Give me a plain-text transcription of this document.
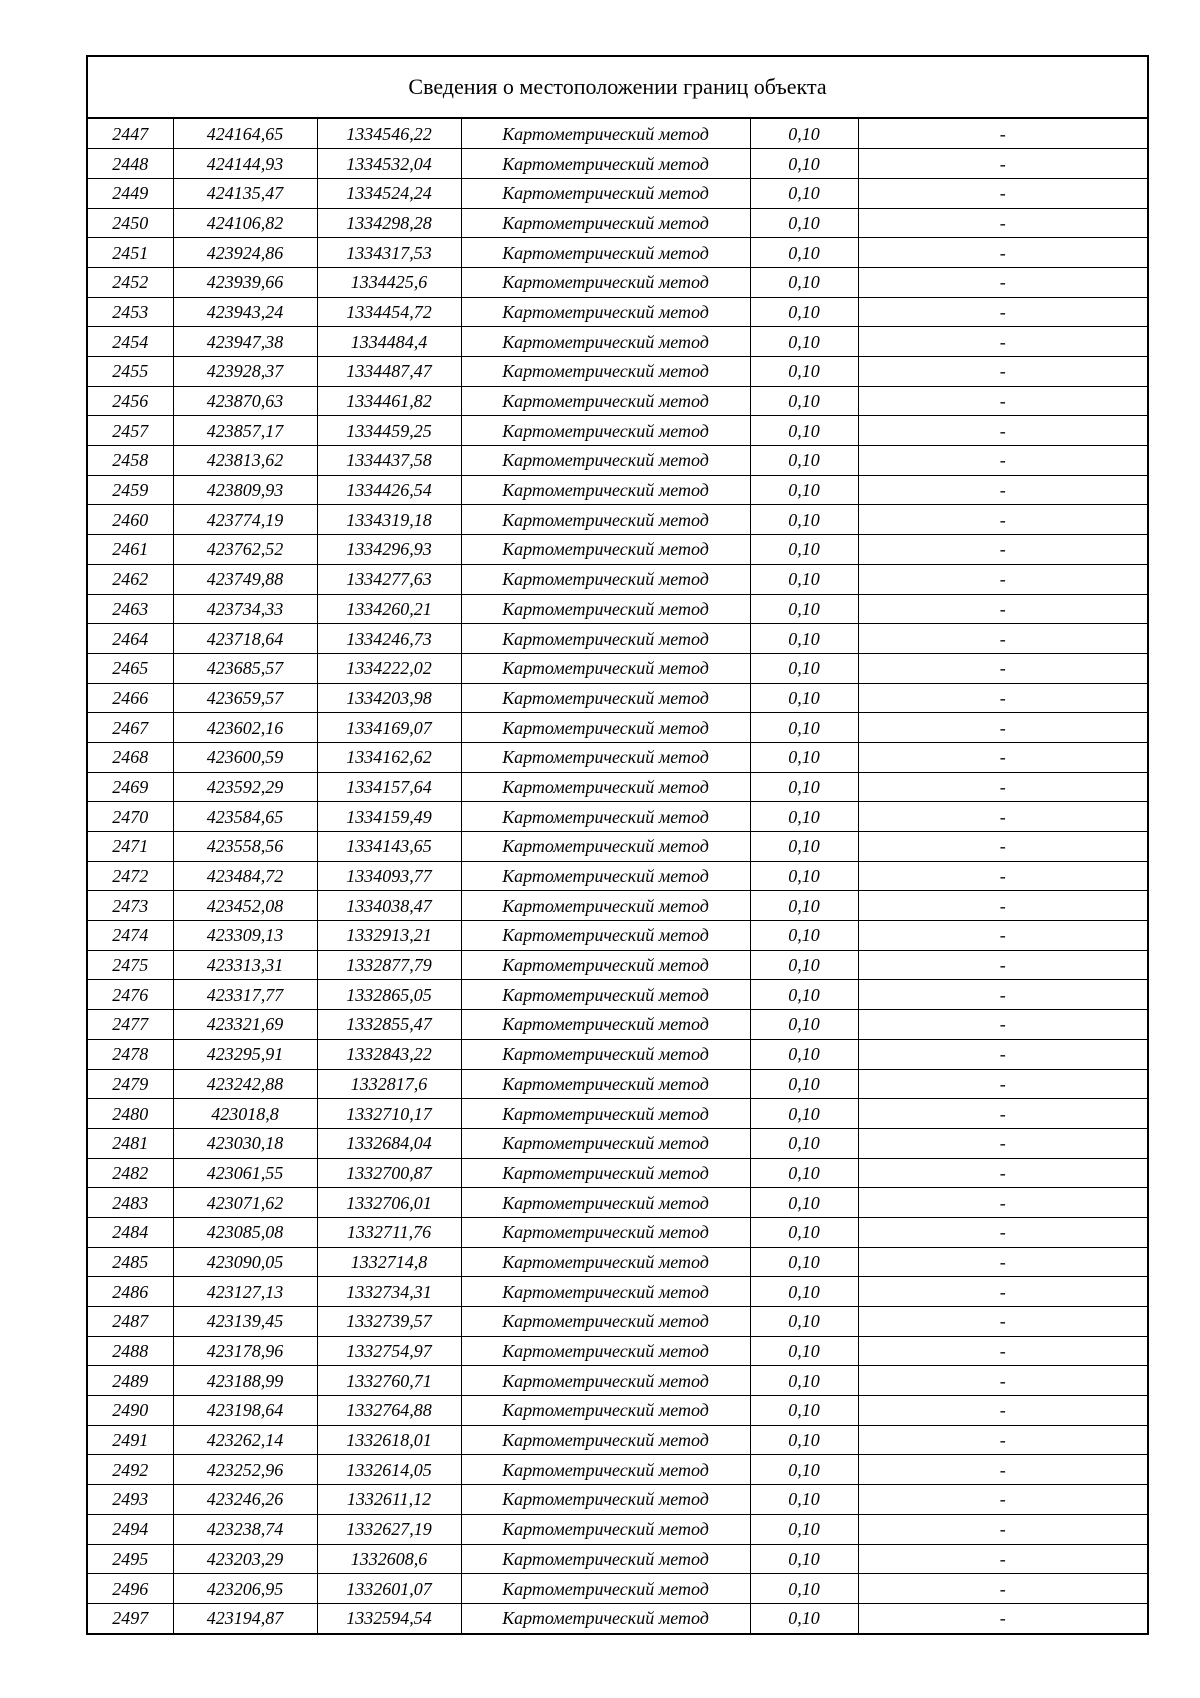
Сведения о местоположении границ объекта
2447	424164,65	1334546,22	Картометрический метод	0,10	-
2448	424144,93	1334532,04	Картометрический метод	0,10	-
2449	424135,47	1334524,24	Картометрический метод	0,10	-
2450	424106,82	1334298,28	Картометрический метод	0,10	-
2451	423924,86	1334317,53	Картометрический метод	0,10	-
2452	423939,66	1334425,6	Картометрический метод	0,10	-
2453	423943,24	1334454,72	Картометрический метод	0,10	-
2454	423947,38	1334484,4	Картометрический метод	0,10	-
2455	423928,37	1334487,47	Картометрический метод	0,10	-
2456	423870,63	1334461,82	Картометрический метод	0,10	-
2457	423857,17	1334459,25	Картометрический метод	0,10	-
2458	423813,62	1334437,58	Картометрический метод	0,10	-
2459	423809,93	1334426,54	Картометрический метод	0,10	-
2460	423774,19	1334319,18	Картометрический метод	0,10	-
2461	423762,52	1334296,93	Картометрический метод	0,10	-
2462	423749,88	1334277,63	Картометрический метод	0,10	-
2463	423734,33	1334260,21	Картометрический метод	0,10	-
2464	423718,64	1334246,73	Картометрический метод	0,10	-
2465	423685,57	1334222,02	Картометрический метод	0,10	-
2466	423659,57	1334203,98	Картометрический метод	0,10	-
2467	423602,16	1334169,07	Картометрический метод	0,10	-
2468	423600,59	1334162,62	Картометрический метод	0,10	-
2469	423592,29	1334157,64	Картометрический метод	0,10	-
2470	423584,65	1334159,49	Картометрический метод	0,10	-
2471	423558,56	1334143,65	Картометрический метод	0,10	-
2472	423484,72	1334093,77	Картометрический метод	0,10	-
2473	423452,08	1334038,47	Картометрический метод	0,10	-
2474	423309,13	1332913,21	Картометрический метод	0,10	-
2475	423313,31	1332877,79	Картометрический метод	0,10	-
2476	423317,77	1332865,05	Картометрический метод	0,10	-
2477	423321,69	1332855,47	Картометрический метод	0,10	-
2478	423295,91	1332843,22	Картометрический метод	0,10	-
2479	423242,88	1332817,6	Картометрический метод	0,10	-
2480	423018,8	1332710,17	Картометрический метод	0,10	-
2481	423030,18	1332684,04	Картометрический метод	0,10	-
2482	423061,55	1332700,87	Картометрический метод	0,10	-
2483	423071,62	1332706,01	Картометрический метод	0,10	-
2484	423085,08	1332711,76	Картометрический метод	0,10	-
2485	423090,05	1332714,8	Картометрический метод	0,10	-
2486	423127,13	1332734,31	Картометрический метод	0,10	-
2487	423139,45	1332739,57	Картометрический метод	0,10	-
2488	423178,96	1332754,97	Картометрический метод	0,10	-
2489	423188,99	1332760,71	Картометрический метод	0,10	-
2490	423198,64	1332764,88	Картометрический метод	0,10	-
2491	423262,14	1332618,01	Картометрический метод	0,10	-
2492	423252,96	1332614,05	Картометрический метод	0,10	-
2493	423246,26	1332611,12	Картометрический метод	0,10	-
2494	423238,74	1332627,19	Картометрический метод	0,10	-
2495	423203,29	1332608,6	Картометрический метод	0,10	-
2496	423206,95	1332601,07	Картометрический метод	0,10	-
2497	423194,87	1332594,54	Картометрический метод	0,10	-
